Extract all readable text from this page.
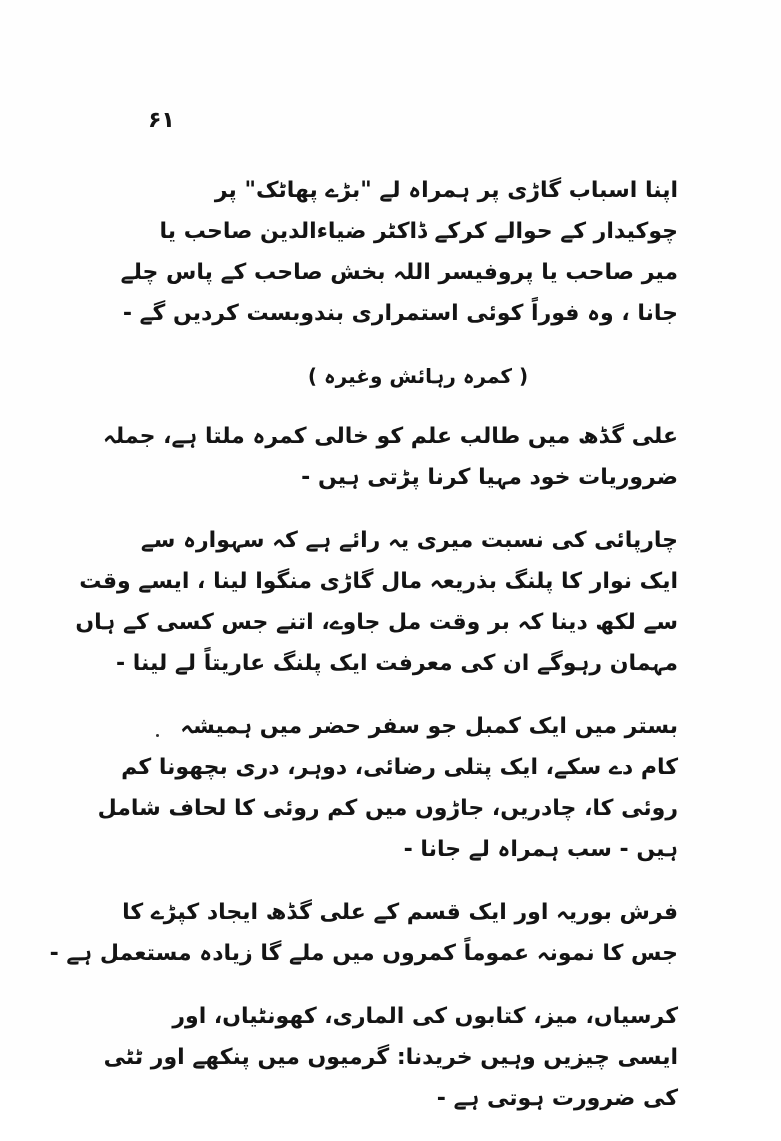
۶۱
اپنا اسباب گاڑی پر ہمراہ لے "بڑے پھاٹک" پر
چوکیدار کے حوالے کرکے ڈاکٹر ضیاءالدین صاحب یا
میر صاحب یا پروفیسر اللہ بخش صاحب کے پاس چلے
جانا ، وہ فوراً کوئی استمراری بندوبست کردیں گے -
( کمرہ رہائش وغیرہ )
علی گڈھ میں طالب علم کو خالی کمرہ ملتا ہے، جملہ
ضروریات خود مہیا کرنا پڑتی ہیں -
چارپائی کی نسبت میری یہ رائے ہے کہ سہوارہ سے
ایک نوار کا پلنگ بذریعہ مال گاڑی منگوا لینا ، ایسے وقت
سے لکھ دینا کہ بر وقت مل جاوے، اتنے جس کسی کے ہاں
مہمان رہوگے ان کی معرفت ایک پلنگ عاریتاً لے لینا -
بستر میں ایک کمبل جو سفر حضر میں ہمیشہ
کام دے سکے، ایک پتلی رضائی، دوہر، دری بچھونا کم
روئی کا، چادریں، جاڑوں میں کم روئی کا لحاف شامل
ہیں - سب ہمراہ لے جانا -
فرش بوریہ اور ایک قسم کے علی گڈھ ایجاد کپڑے کا
جس کا نمونہ عموماً کمروں میں ملے گا زیادہ مستعمل ہے -
کرسیاں، میز، کتابوں کی الماری، کھونٹیاں، اور
ایسی چیزیں وہیں خریدنا: گرمیوں میں پنکھے اور ٹٹی
کی ضرورت ہوتی ہے -
